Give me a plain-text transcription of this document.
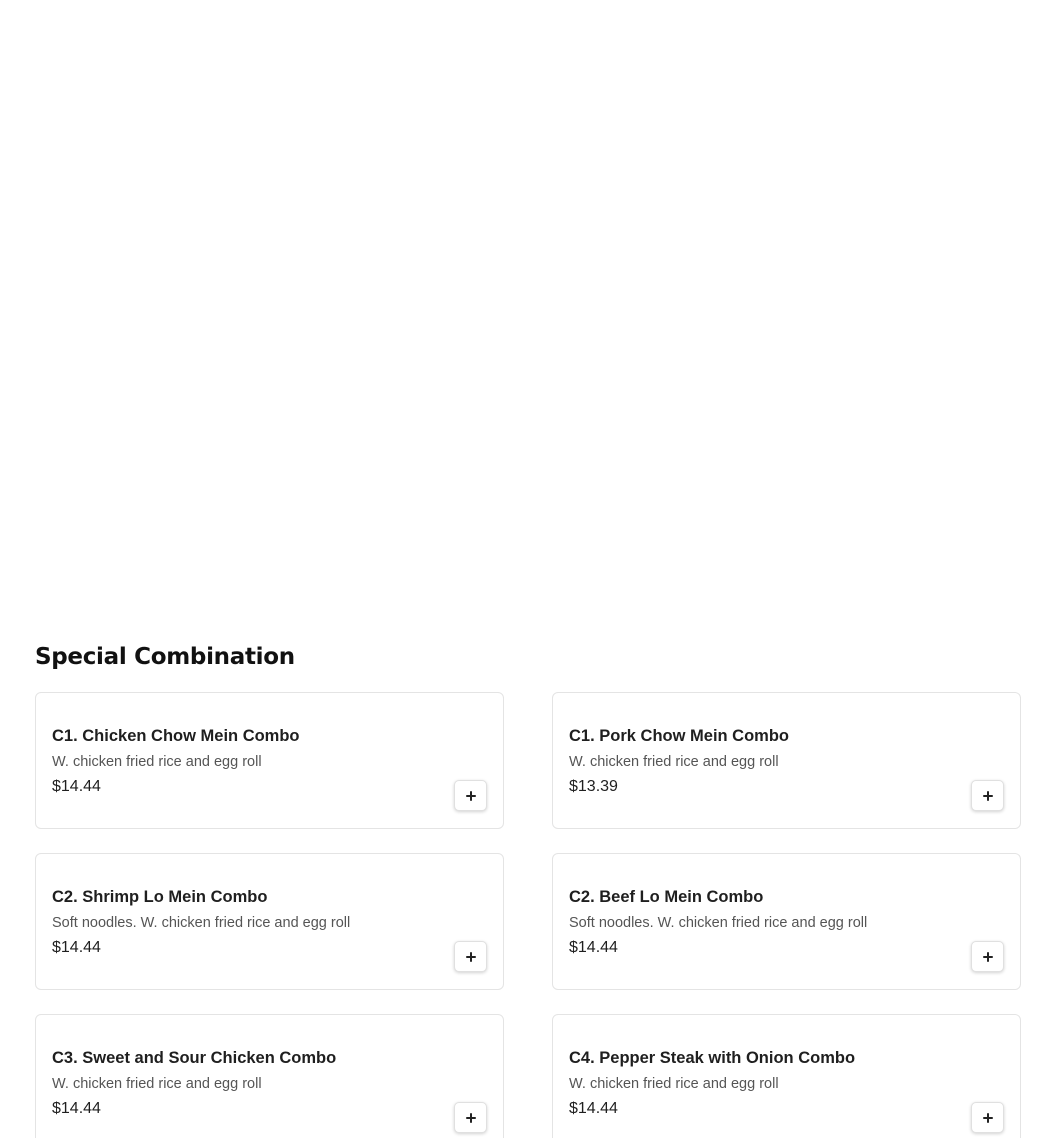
Special Combination
C1. Chicken Chow Mein Combo
W. chicken fried rice and egg roll
$14.44
C1. Pork Chow Mein Combo
W. chicken fried rice and egg roll
$13.39
C2. Shrimp Lo Mein Combo
Soft noodles. W. chicken fried rice and egg roll
$14.44
C2. Beef Lo Mein Combo
Soft noodles. W. chicken fried rice and egg roll
$14.44
C3. Sweet and Sour Chicken Combo
W. chicken fried rice and egg roll
$14.44
C4. Pepper Steak with Onion Combo
W. chicken fried rice and egg roll
$14.44
